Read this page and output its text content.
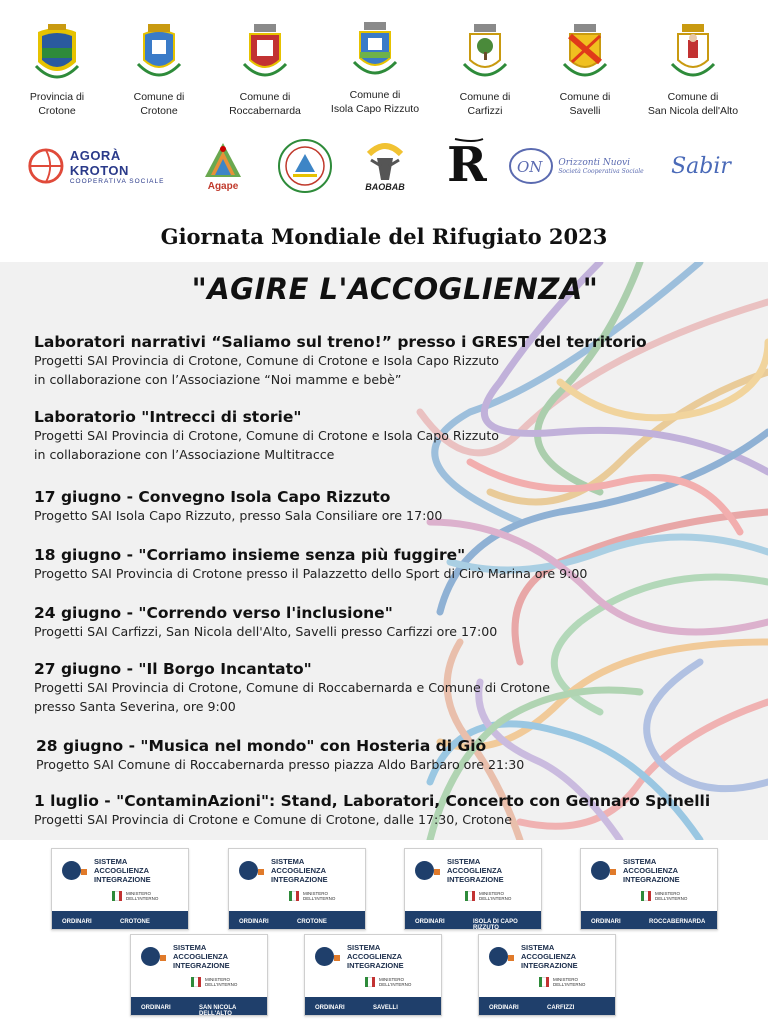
Provincia di
Crotone
Comune di
Crotone
Comune di
Roccabernarda
Comune di
Isola Capo Rizzuto
Comune di
Carfizzi
Comune di
Savelli
Comune di
San Nicola dell'Alto
AGORÀ KROTON
COOPERATIVA SOCIALE	Agape	BAOBAB R ON Orizzonti Nuovi
Società Cooperativa Sociale Sabir
Giornata Mondiale del Rifugiato 2023
"AGIRE L'ACCOGLIENZA"
Laboratori narrativi “Saliamo sul treno!” presso i GREST del territorio
Progetti SAI Provincia di Crotone, Comune di Crotone e Isola Capo Rizzuto
in collaborazione con l’Associazione “Noi mamme e bebè”
Laboratorio "Intrecci di storie"
Progetti SAI Provincia di Crotone, Comune di Crotone e Isola Capo Rizzuto
in collaborazione con l’Associazione Multitracce
17 giugno - Convegno Isola Capo Rizzuto
Progetto SAI Isola Capo Rizzuto, presso Sala Consiliare ore 17:00
18 giugno - "Corriamo insieme senza più fuggire"
Progetto SAI Provincia di Crotone presso il Palazzetto dello Sport di Cirò Marina ore 9:00
24 giugno - "Correndo verso l'inclusione"
Progetti SAI Carfizzi, San Nicola dell'Alto, Savelli presso Carfizzi ore 17:00
27 giugno - "Il Borgo Incantato"
Progetti SAI Provincia di Crotone, Comune di Roccabernarda e Comune di Crotone
presso Santa Severina, ore 9:00
28 giugno - "Musica nel mondo" con Hosteria di Giò
Progetto SAI Comune di Roccabernarda presso piazza Aldo Barbaro ore 21:30
1 luglio - "ContaminAzioni": Stand, Laboratori, Concerto con Gennaro Spinelli
Progetti SAI Provincia di Crotone e Comune di Crotone, dalle 17:30, Crotone
SISTEMA
ACCOGLIENZA
INTEGRAZIONE
MINISTERO
DELL'INTERNO
ORDINARI	CROTONE
SISTEMA
ACCOGLIENZA
INTEGRAZIONE
MINISTERO
DELL'INTERNO
ORDINARI	CROTONE
SISTEMA
ACCOGLIENZA
INTEGRAZIONE
MINISTERO
DELL'INTERNO
ORDINARI	ISOLA DI CAPO RIZZUTO
SISTEMA
ACCOGLIENZA
INTEGRAZIONE
MINISTERO
DELL'INTERNO
ORDINARI	ROCCABERNARDA
SISTEMA
ACCOGLIENZA
INTEGRAZIONE
MINISTERO
DELL'INTERNO
ORDINARI	SAN NICOLA DELL'ALTO
SISTEMA
ACCOGLIENZA
INTEGRAZIONE
MINISTERO
DELL'INTERNO
ORDINARI	SAVELLI
SISTEMA
ACCOGLIENZA
INTEGRAZIONE
MINISTERO
DELL'INTERNO
ORDINARI	CARFIZZI
